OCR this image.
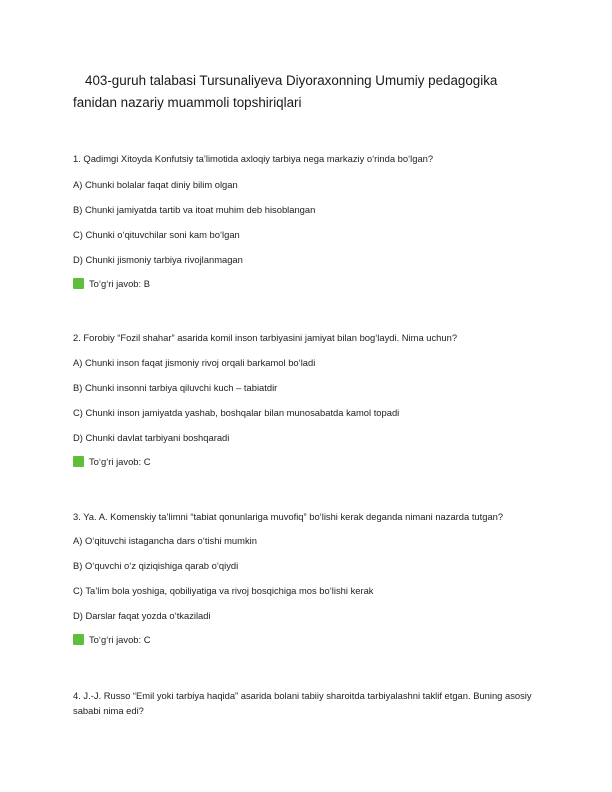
403-guruh talabasi Tursunaliyeva Diyoraxonning Umumiy pedagogika fanidan nazariy muammoli topshiriqlari

1. Qadimgi Xitoyda Konfutsiy ta’limotida axloqiy tarbiya nega markaziy o‘rinda bo‘lgan?

A) Chunki bolalar faqat diniy bilim olgan

B) Chunki jamiyatda tartib va itoat muhim deb hisoblangan

C) Chunki o‘qituvchilar soni kam bo‘lgan

D) Chunki jismoniy tarbiya rivojlanmagan

To‘g‘ri javob: B

2. Forobiy “Fozil shahar” asarida komil inson tarbiyasini jamiyat bilan bog‘laydi. Nima uchun?

A) Chunki inson faqat jismoniy rivoj orqali barkamol bo‘ladi

B) Chunki insonni tarbiya qiluvchi kuch – tabiatdir

C) Chunki inson jamiyatda yashab, boshqalar bilan munosabatda kamol topadi

D) Chunki davlat tarbiyani boshqaradi

To‘g‘ri javob: C

3. Ya. A. Komenskiy ta’limni “tabiat qonunlariga muvofiq” bo‘lishi kerak deganda nimani nazarda tutgan?

A) O‘qituvchi istagancha dars o‘tishi mumkin

B) O‘quvchi o‘z qiziqishiga qarab o‘qiydi

C) Ta’lim bola yoshiga, qobiliyatiga va rivoj bosqichiga mos bo‘lishi kerak

D) Darslar faqat yozda o‘tkaziladi

To‘g‘ri javob: C

4. J.-J. Russo “Emil yoki tarbiya haqida” asarida bolani tabiiy sharoitda tarbiyalashni taklif etgan. Buning asosiy sababi nima edi?
